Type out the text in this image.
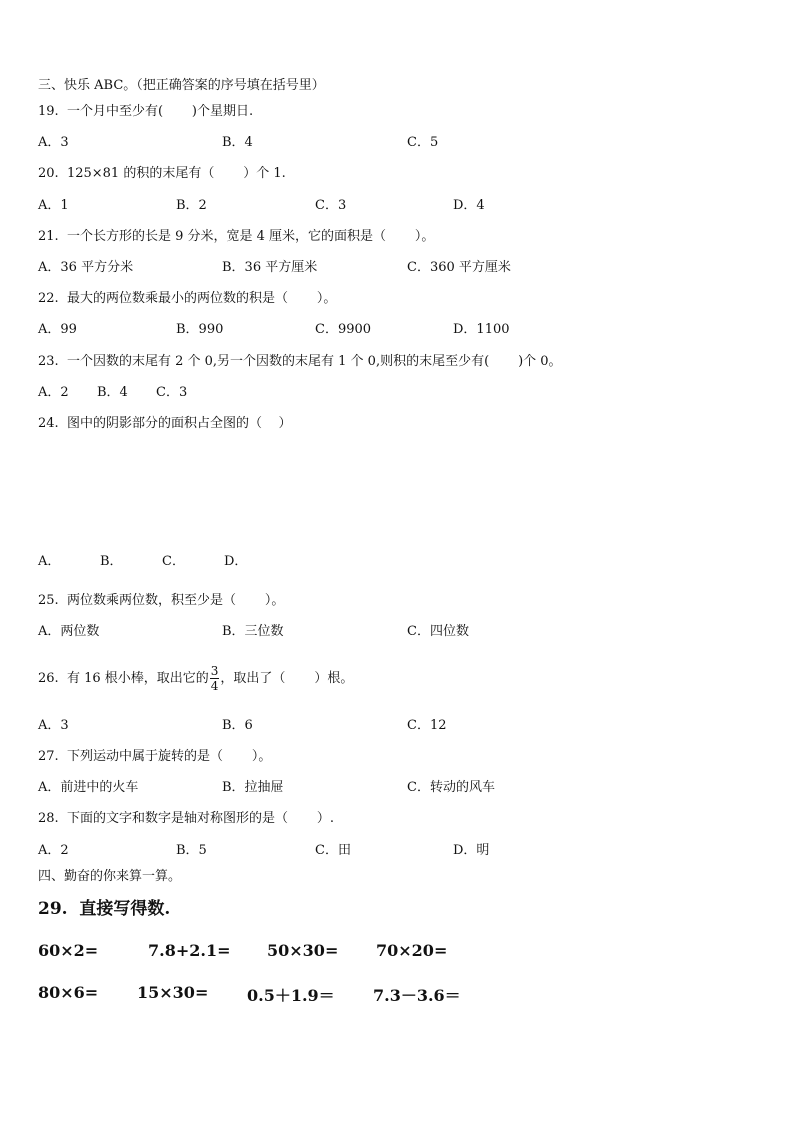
三、快乐 ABC。（把正确答案的序号填在括号里）
19.  一个月中至少有(       )个星期日.
A．3	B．4	C．5
20.  125×81 的积的末尾有（       ）个 1.
A．1	B．2	C．3	D．4
21.  一个长方形的长是 9 分米，宽是 4 厘米，它的面积是（       ）。
A．36 平方分米	B．36 平方厘米	C．360 平方厘米
22.  最大的两位数乘最小的两位数的积是（       ）。
A．99	B．990	C．9900	D．1100
23.  一个因数的末尾有 2 个 0,另一个因数的末尾有 1 个 0,则积的末尾至少有(       )个 0。
A．2 B．4 C．3
24.  图中的阴影部分的面积占全图的（    ）
A．	B．	C．	D．
25.  两位数乘两位数，积至少是（       ）。
A．两位数	B．三位数	C．四位数
26.  有 16 根小棒，取出它的 $\frac{3}{4}$ ，取出了（       ）根。
A．3	B．6	C．12
27.  下列运动中属于旋转的是（       ）。
A．前进中的火车	B．拉抽屉	C．转动的风车
28.  下面的文字和数字是轴对称图形的是（       ）.
A．2	B．5	C．田	D．明
四、勤奋的你来算一算。
29.  直接写得数.
60×2=	7.8+2.1= 50×30= 70×20=
80×6= 15×30= 0.5＋1.9＝ 7.3－3.6＝
